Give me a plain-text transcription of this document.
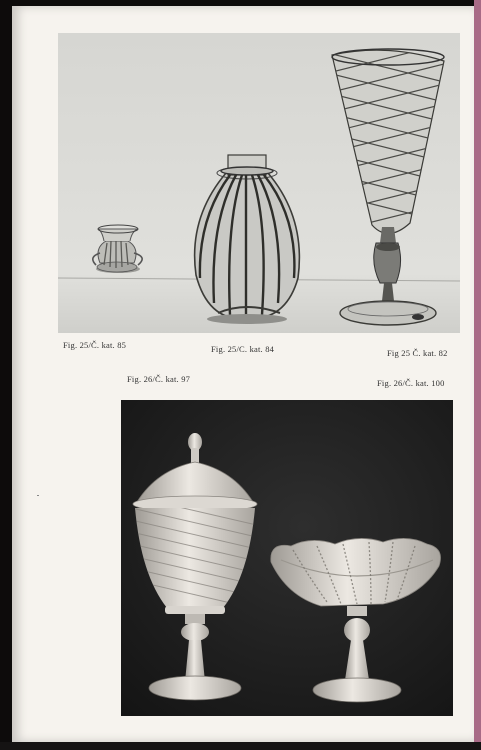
Fig. 25/Č. kat. 85	Fig. 25/C. kat. 84	Fig 25 Č. kat. 82
Fig. 26/Č. kat. 97	Fig. 26/Č. kat. 100
